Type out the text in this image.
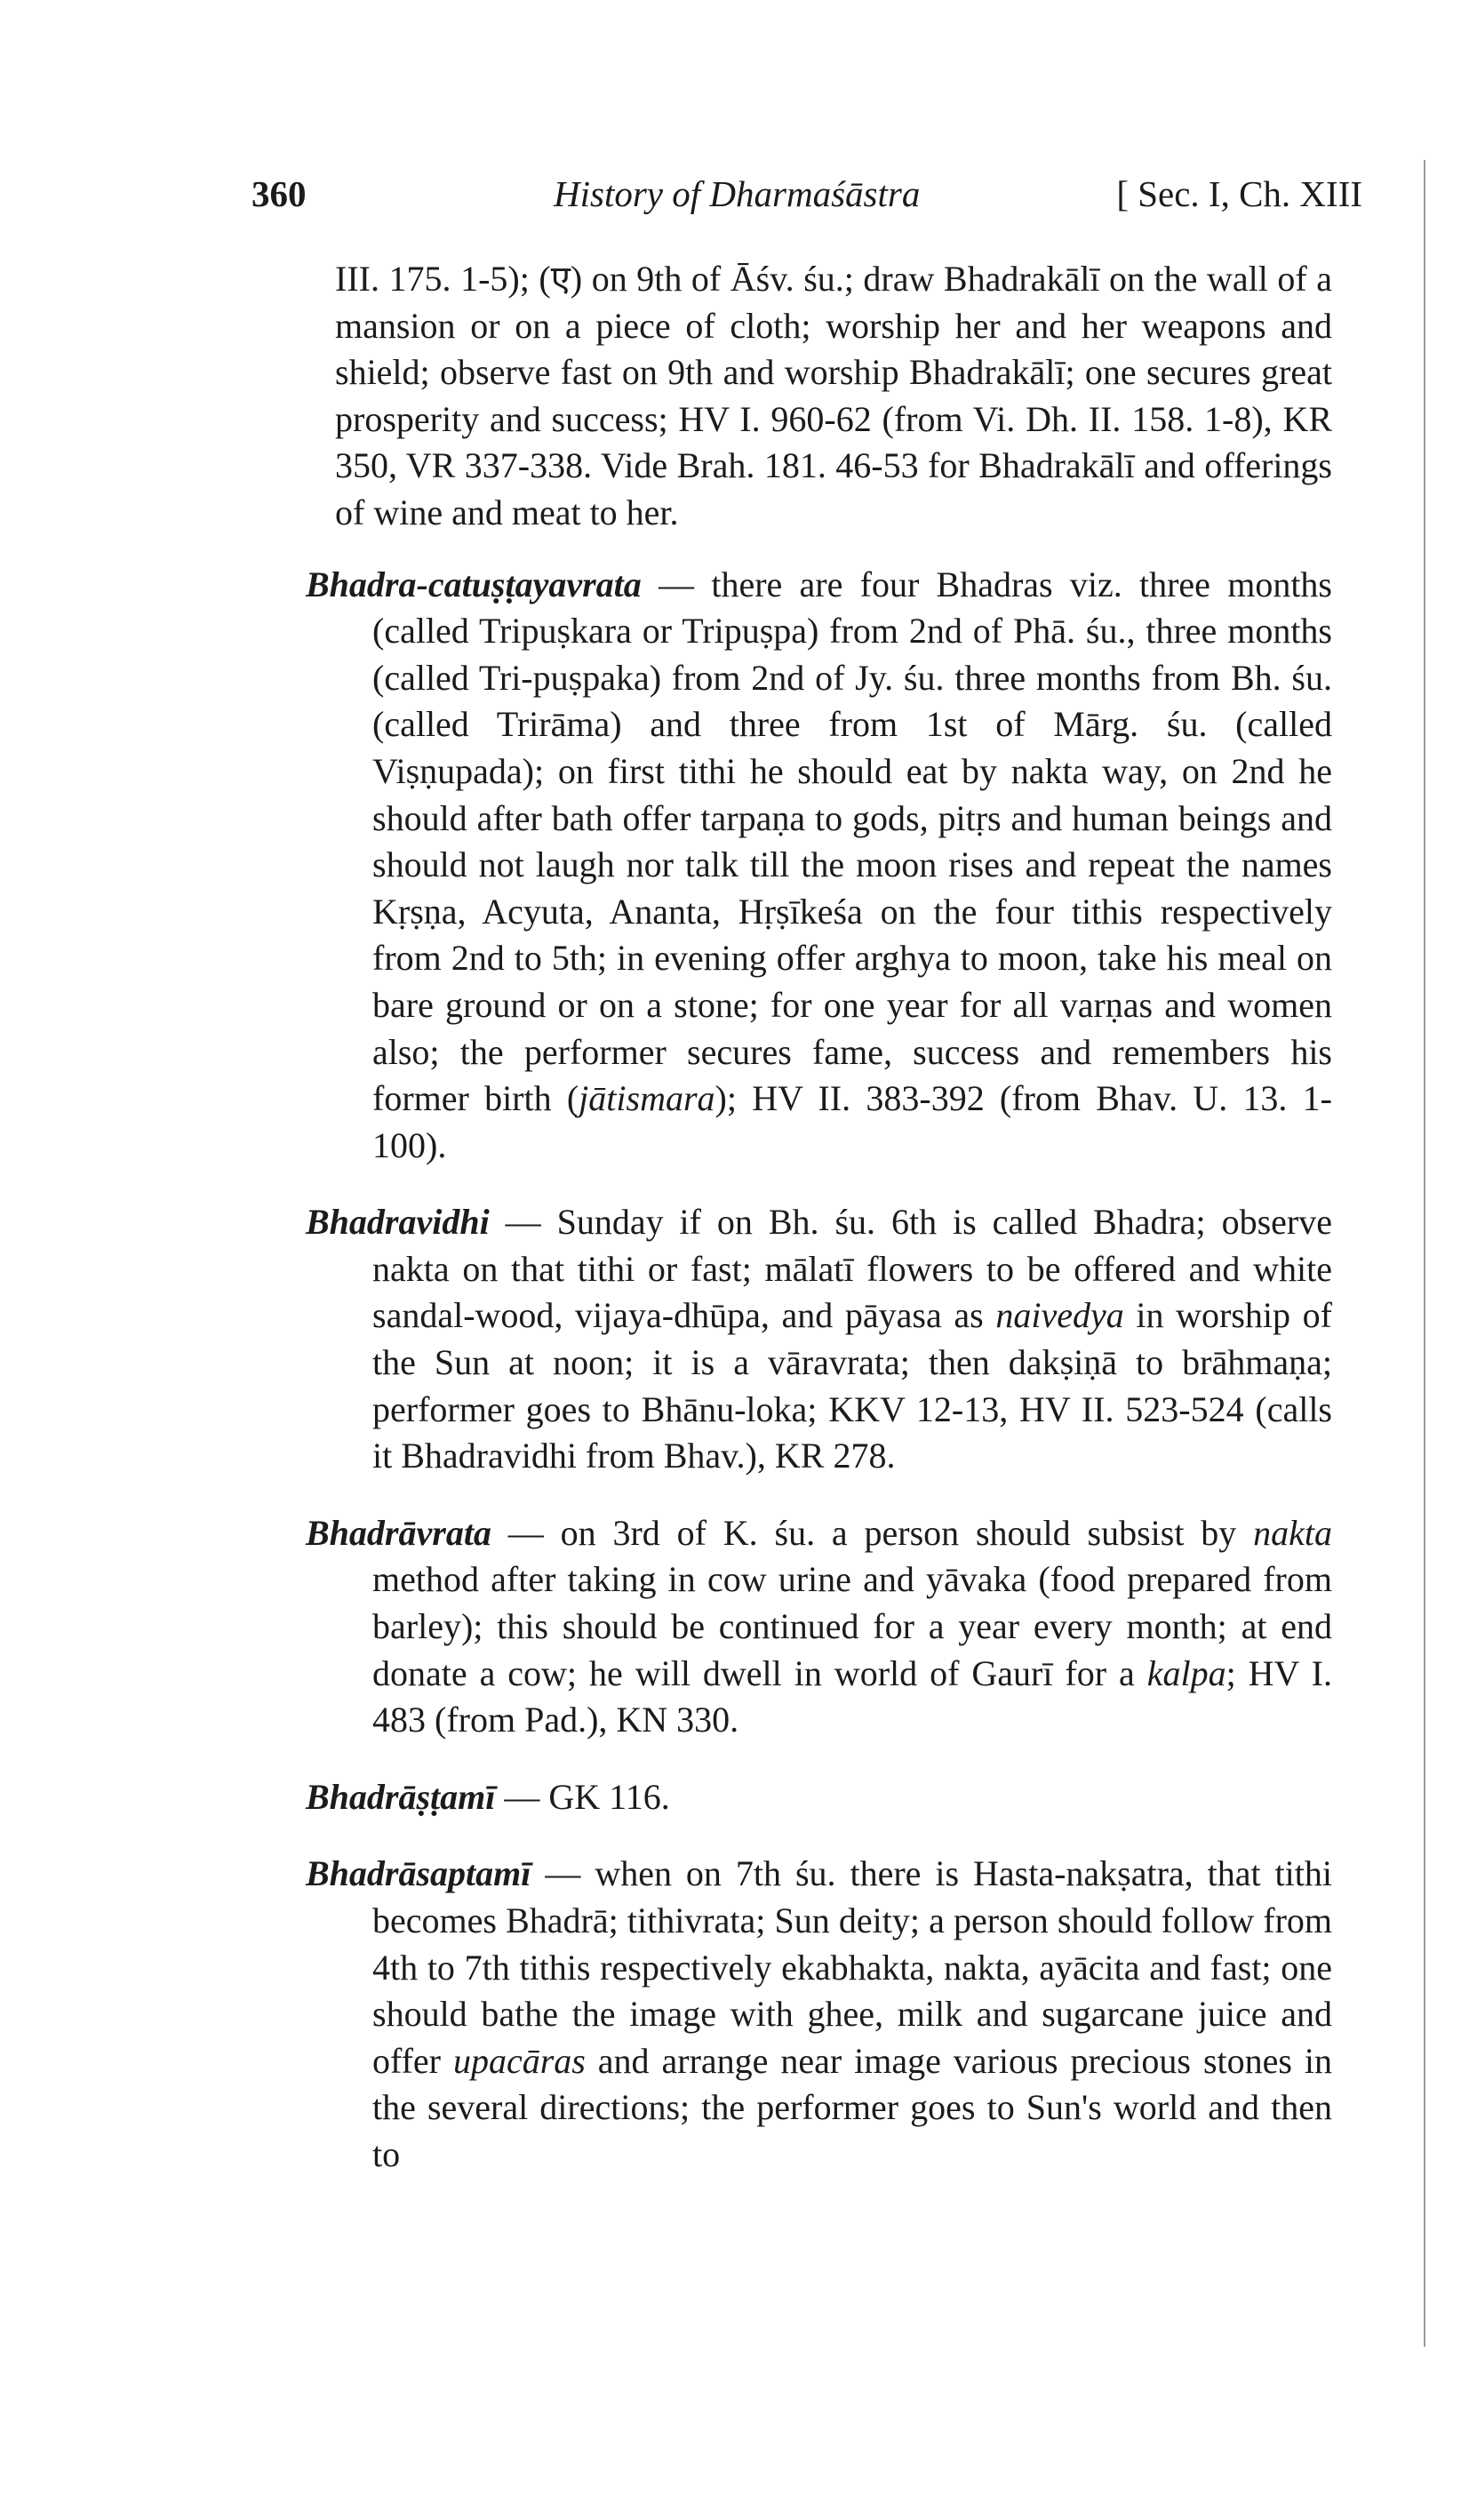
360	History of Dharmaśāstra	[ Sec. I, Ch. XIII

III. 175. 1-5); (ए) on 9th of Āśv. śu.; draw Bhadrakālī on the wall of a mansion or on a piece of cloth; worship her and her weapons and shield; observe fast on 9th and worship Bhadrakālī; one secures great prosperity and success; HV I. 960-62 (from Vi. Dh. II. 158. 1-8), KR 350, VR 337-338. Vide Brah. 181. 46-53 for Bhadrakālī and offerings of wine and meat to her.

Bhadra-catuṣṭayavrata — there are four Bhadras viz. three months (called Tripuṣkara or Tripuṣpa) from 2nd of Phā. śu., three months (called Tri-puṣpaka) from 2nd of Jy. śu. three months from Bh. śu. (called Trirāma) and three from 1st of Mārg. śu. (called Viṣṇupada); on first tithi he should eat by nakta way, on 2nd he should after bath offer tarpaṇa to gods, pitṛs and human beings and should not laugh nor talk till the moon rises and repeat the names Kṛṣṇa, Acyuta, Ananta, Hṛṣīkeśa on the four tithis respectively from 2nd to 5th; in evening offer arghya to moon, take his meal on bare ground or on a stone; for one year for all varṇas and women also; the performer secures fame, success and remembers his former birth (jātismara); HV II. 383-392 (from Bhav. U. 13. 1-100).

Bhadravidhi — Sunday if on Bh. śu. 6th is called Bhadra; observe nakta on that tithi or fast; mālatī flowers to be offered and white sandal-wood, vijaya-dhūpa, and pāyasa as naivedya in worship of the Sun at noon; it is a vāravrata; then dakṣiṇā to brāhmaṇa; performer goes to Bhānu-loka; KKV 12-13, HV II. 523-524 (calls it Bhadravidhi from Bhav.), KR 278.

Bhadrāvrata — on 3rd of K. śu. a person should subsist by nakta method after taking in cow urine and yāvaka (food prepared from barley); this should be continued for a year every month; at end donate a cow; he will dwell in world of Gaurī for a kalpa; HV I. 483 (from Pad.), KN 330.

Bhadrāṣṭamī — GK 116.

Bhadrāsaptamī — when on 7th śu. there is Hasta-nakṣatra, that tithi becomes Bhadrā; tithivrata; Sun deity; a person should follow from 4th to 7th tithis respectively ekabhakta, nakta, ayācita and fast; one should bathe the image with ghee, milk and sugarcane juice and offer upacāras and arrange near image various precious stones in the several directions; the performer goes to Sun's world and then to
